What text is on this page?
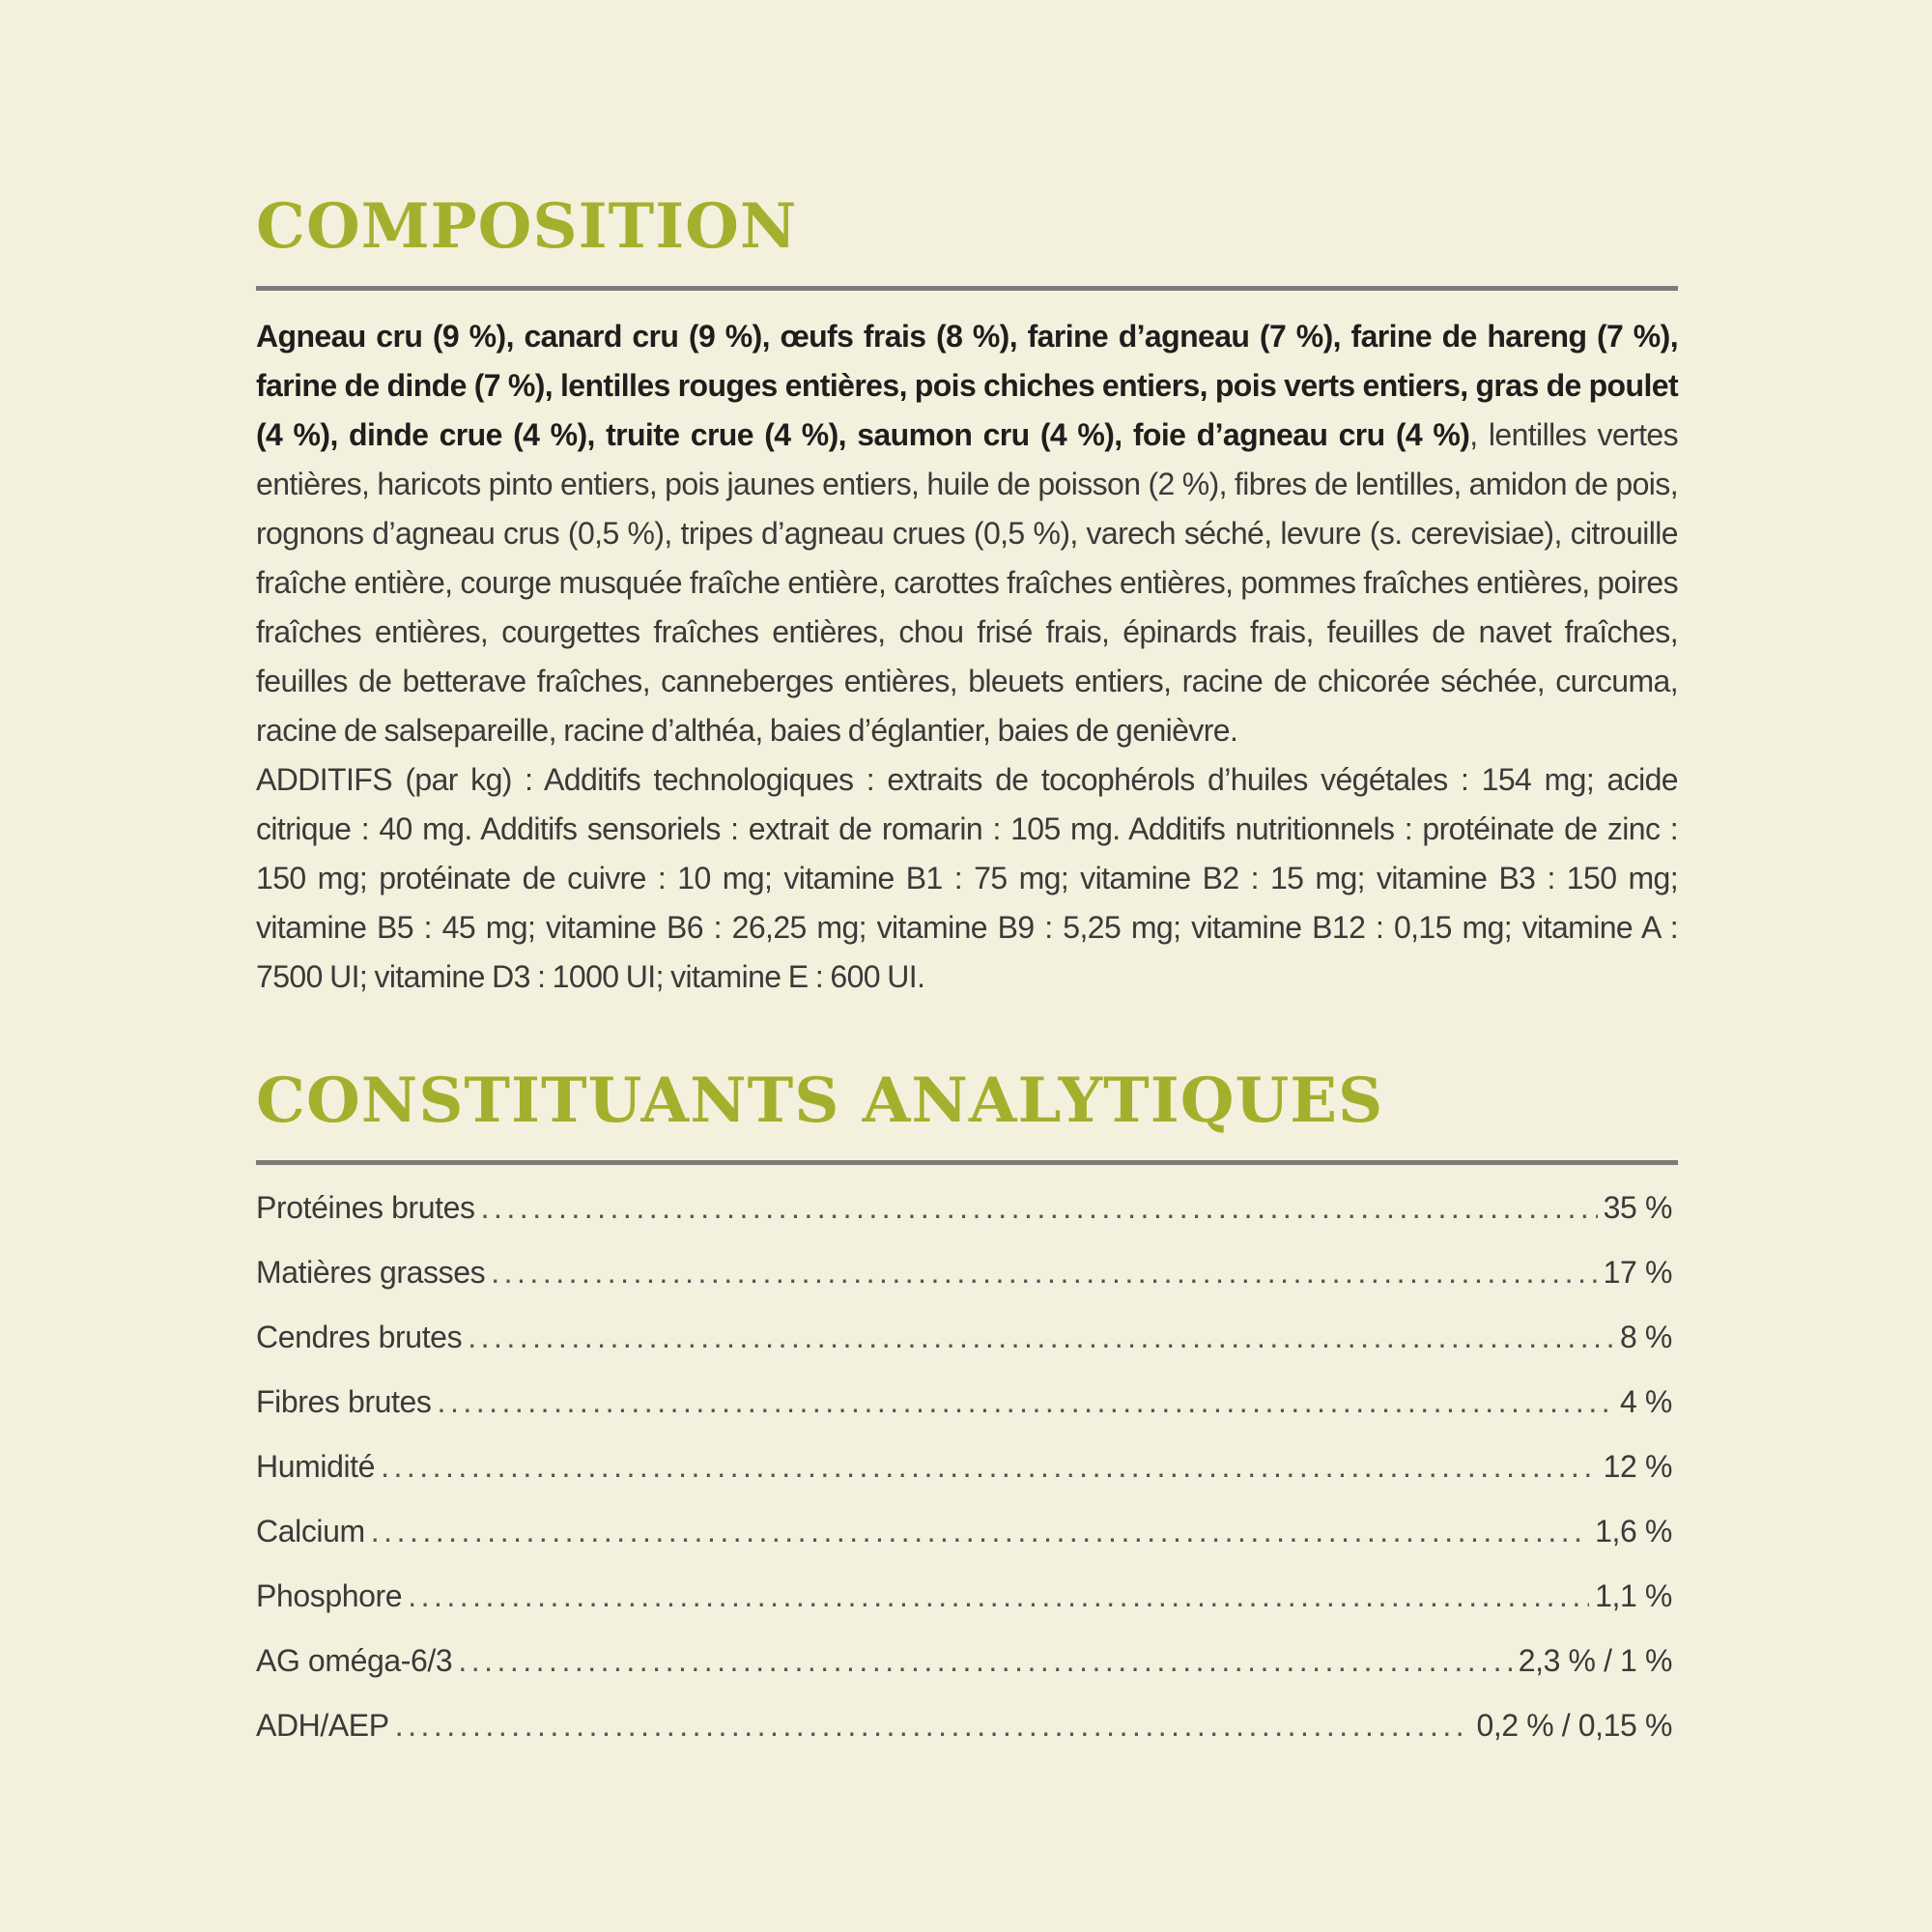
COMPOSITION
Agneau cru (9 %), canard cru (9 %), œufs frais (8 %), farine d’agneau (7 %), farine de hareng (7 %), farine de dinde (7 %), lentilles rouges entières, pois chiches entiers, pois verts entiers, gras de poulet (4 %), dinde crue (4 %), truite crue (4 %), saumon cru (4 %), foie d’agneau cru (4 %), lentilles vertes entières, haricots pinto entiers, pois jaunes entiers, huile de poisson (2 %), fibres de lentilles, amidon de pois, rognons d’agneau crus (0,5 %), tripes d’agneau crues (0,5 %), varech séché, levure (s. cerevisiae), citrouille fraîche entière, courge musquée fraîche entière, carottes fraîches entières, pommes fraîches entières, poires fraîches entières, courgettes fraîches entières, chou frisé frais, épinards frais, feuilles de navet fraîches, feuilles de betterave fraîches, canneberges entières, bleuets entiers, racine de chicorée séchée, curcuma, racine de salsepareille, racine d’althéa, baies d’églantier, baies de genièvre.
ADDITIFS (par kg) : Additifs technologiques : extraits de tocophérols d’huiles végétales : 154 mg; acide citrique : 40 mg. Additifs sensoriels : extrait de romarin : 105 mg. Additifs nutritionnels : protéinate de zinc : 150 mg; protéinate de cuivre : 10 mg; vitamine B1 : 75 mg; vitamine B2 : 15 mg; vitamine B3 : 150 mg; vitamine B5 : 45 mg; vitamine B6 : 26,25 mg; vitamine B9 : 5,25 mg; vitamine B12 : 0,15 mg; vitamine A : 7500 UI; vitamine D3 : 1000 UI; vitamine E : 600 UI.
CONSTITUANTS ANALYTIQUES
Protéines brutes .....	35 %
Matières grasses .....	17 %
Cendres brutes .....	8 %
Fibres brutes .....	4 %
Humidité .....	12 %
Calcium .....	1,6 %
Phosphore .....	1,1 %
AG oméga-6/3 .....	2,3 % / 1 %
ADH/AEP .....	0,2 % / 0,15 %
